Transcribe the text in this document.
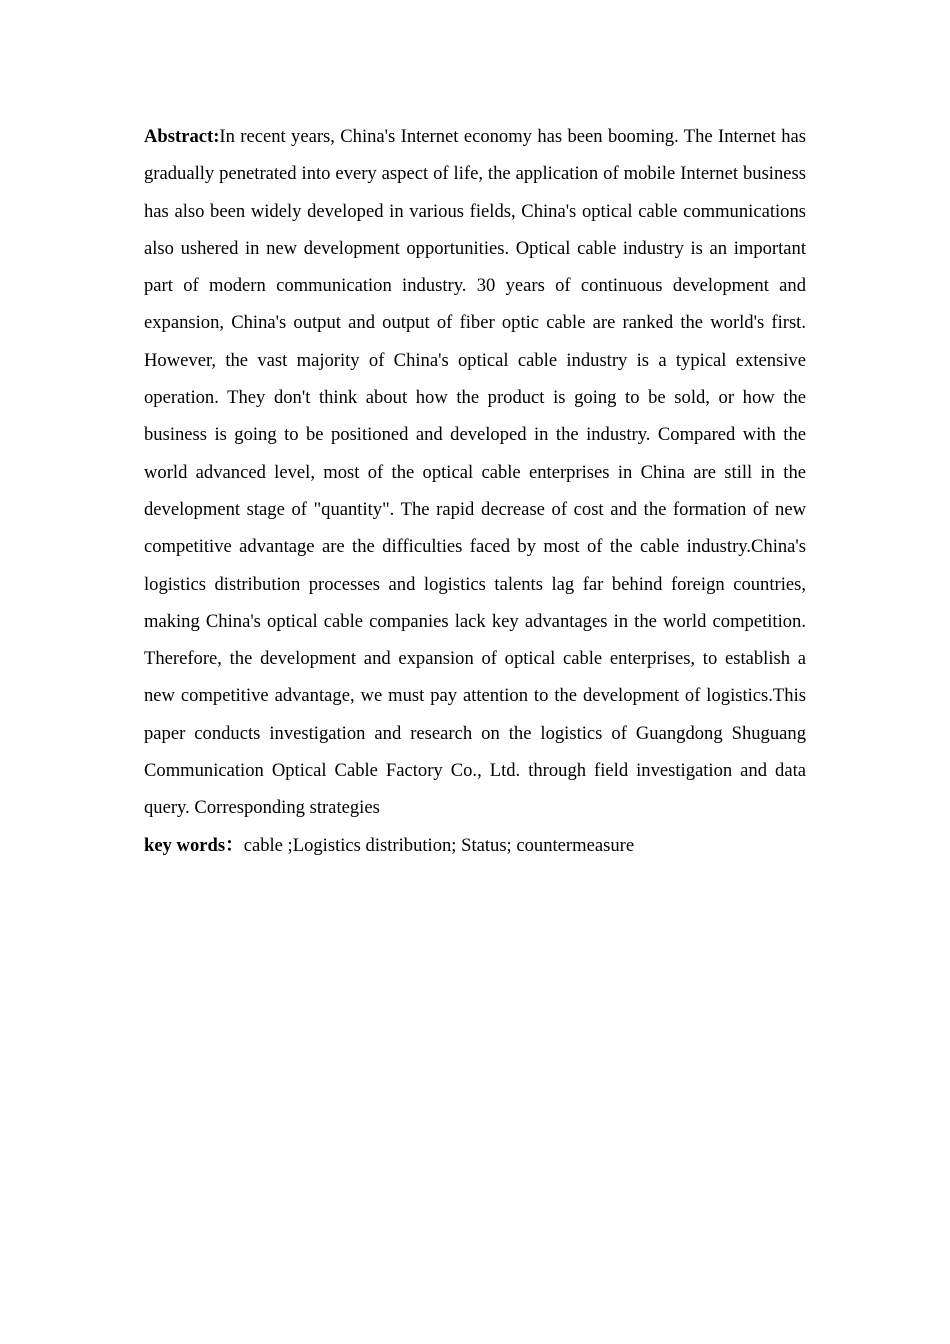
Abstract:In recent years, China's Internet economy has been booming. The Internet has gradually penetrated into every aspect of life, the application of mobile Internet business has also been widely developed in various fields, China's optical cable communications also ushered in new development opportunities. Optical cable industry is an important part of modern communication industry. 30 years of continuous development and expansion, China's output and output of fiber optic cable are ranked the world's first. However, the vast majority of China's optical cable industry is a typical extensive operation. They don't think about how the product is going to be sold, or how the business is going to be positioned and developed in the industry. Compared with the world advanced level, most of the optical cable enterprises in China are still in the development stage of "quantity". The rapid decrease of cost and the formation of new competitive advantage are the difficulties faced by most of the cable industry.China's logistics distribution processes and logistics talents lag far behind foreign countries, making China's optical cable companies lack key advantages in the world competition. Therefore, the development and expansion of optical cable enterprises, to establish a new competitive advantage, we must pay attention to the development of logistics.This paper conducts investigation and research on the logistics of Guangdong Shuguang Communication Optical Cable Factory Co., Ltd. through field investigation and data query. Corresponding strategies

key words：cable ;Logistics distribution; Status; countermeasure
